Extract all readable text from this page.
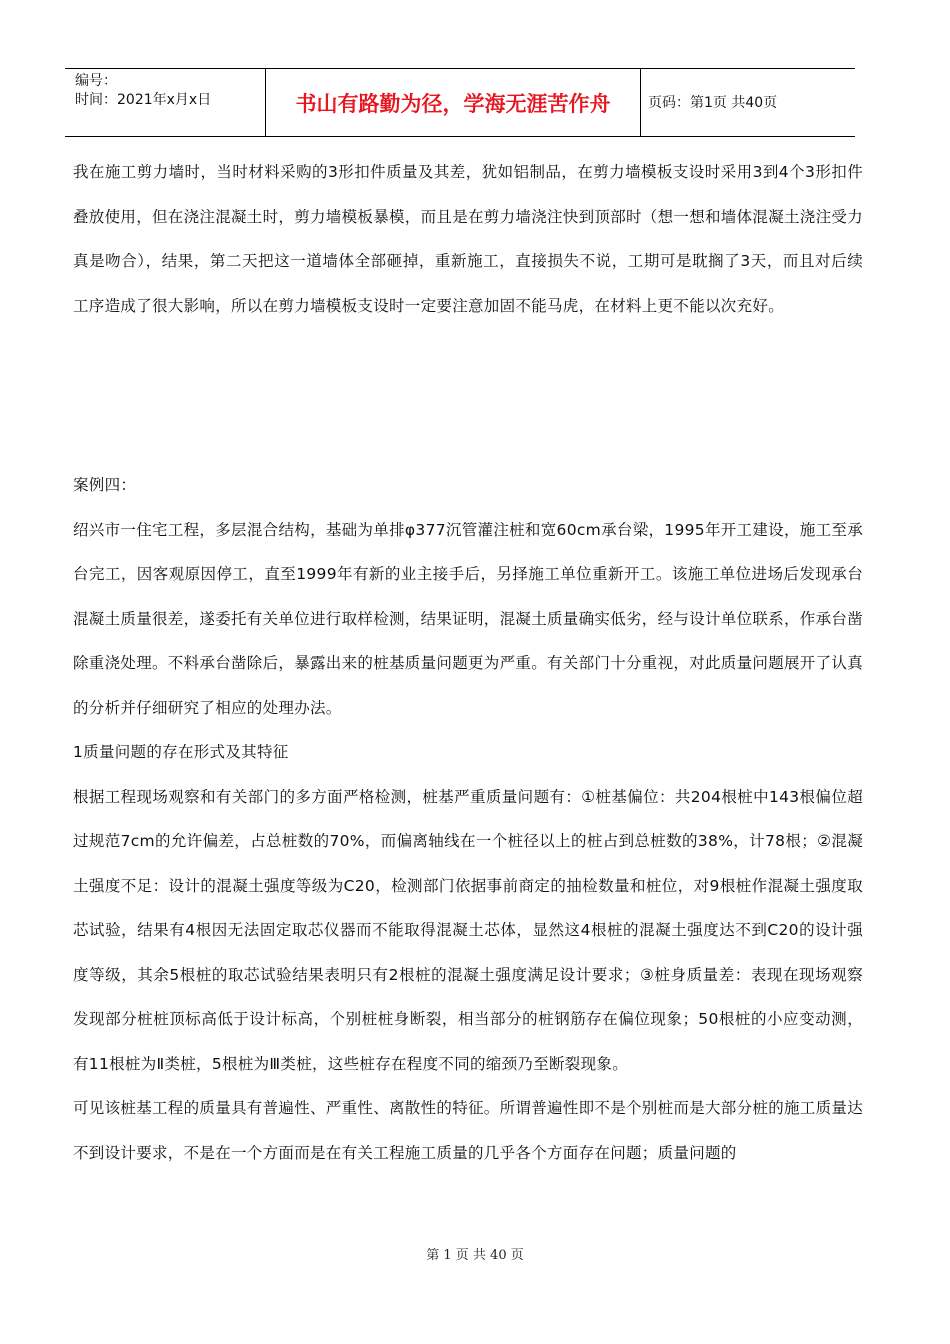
编号：
时间：2021年x月x日	书山有路勤为径，学海无涯苦作舟	页码：第1页 共40页

我在施工剪力墙时，当时材料采购的3形扣件质量及其差，犹如铝制品，在剪力墙模板支设时采用3到4个3形扣件叠放使用，但在浇注混凝土时，剪力墙模板暴模，而且是在剪力墙浇注快到顶部时（想一想和墙体混凝土浇注受力真是吻合），结果，第二天把这一道墙体全部砸掉，重新施工，直接损失不说，工期可是耽搁了3天，而且对后续工序造成了很大影响，所以在剪力墙模板支设时一定要注意加固不能马虎，在材料上更不能以次充好。

案例四：

绍兴市一住宅工程，多层混合结构，基础为单排φ377沉管灌注桩和宽60cm承台梁，1995年开工建设，施工至承台完工，因客观原因停工，直至1999年有新的业主接手后，另择施工单位重新开工。该施工单位进场后发现承台混凝土质量很差，遂委托有关单位进行取样检测，结果证明，混凝土质量确实低劣，经与设计单位联系，作承台凿除重浇处理。不料承台凿除后，暴露出来的桩基质量问题更为严重。有关部门十分重视，对此质量问题展开了认真的分析并仔细研究了相应的处理办法。

1质量问题的存在形式及其特征

根据工程现场观察和有关部门的多方面严格检测，桩基严重质量问题有：①桩基偏位：共204根桩中143根偏位超过规范7cm的允许偏差，占总桩数的70%，而偏离轴线在一个桩径以上的桩占到总桩数的38%，计78根；②混凝土强度不足：设计的混凝土强度等级为C20，检测部门依据事前商定的抽检数量和桩位，对9根桩作混凝土强度取芯试验，结果有4根因无法固定取芯仪器而不能取得混凝土芯体，显然这4根桩的混凝土强度达不到C20的设计强度等级，其余5根桩的取芯试验结果表明只有2根桩的混凝土强度满足设计要求；③桩身质量差：表现在现场观察发现部分桩桩顶标高低于设计标高，个别桩桩身断裂，相当部分的桩钢筋存在偏位现象；50根桩的小应变动测，有11根桩为Ⅱ类桩，5根桩为Ⅲ类桩，这些桩存在程度不同的缩颈乃至断裂现象。

可见该桩基工程的质量具有普遍性、严重性、离散性的特征。所谓普遍性即不是个别桩而是大部分桩的施工质量达不到设计要求，不是在一个方面而是在有关工程施工质量的几乎各个方面存在问题；质量问题的

第 1 页 共 40 页
